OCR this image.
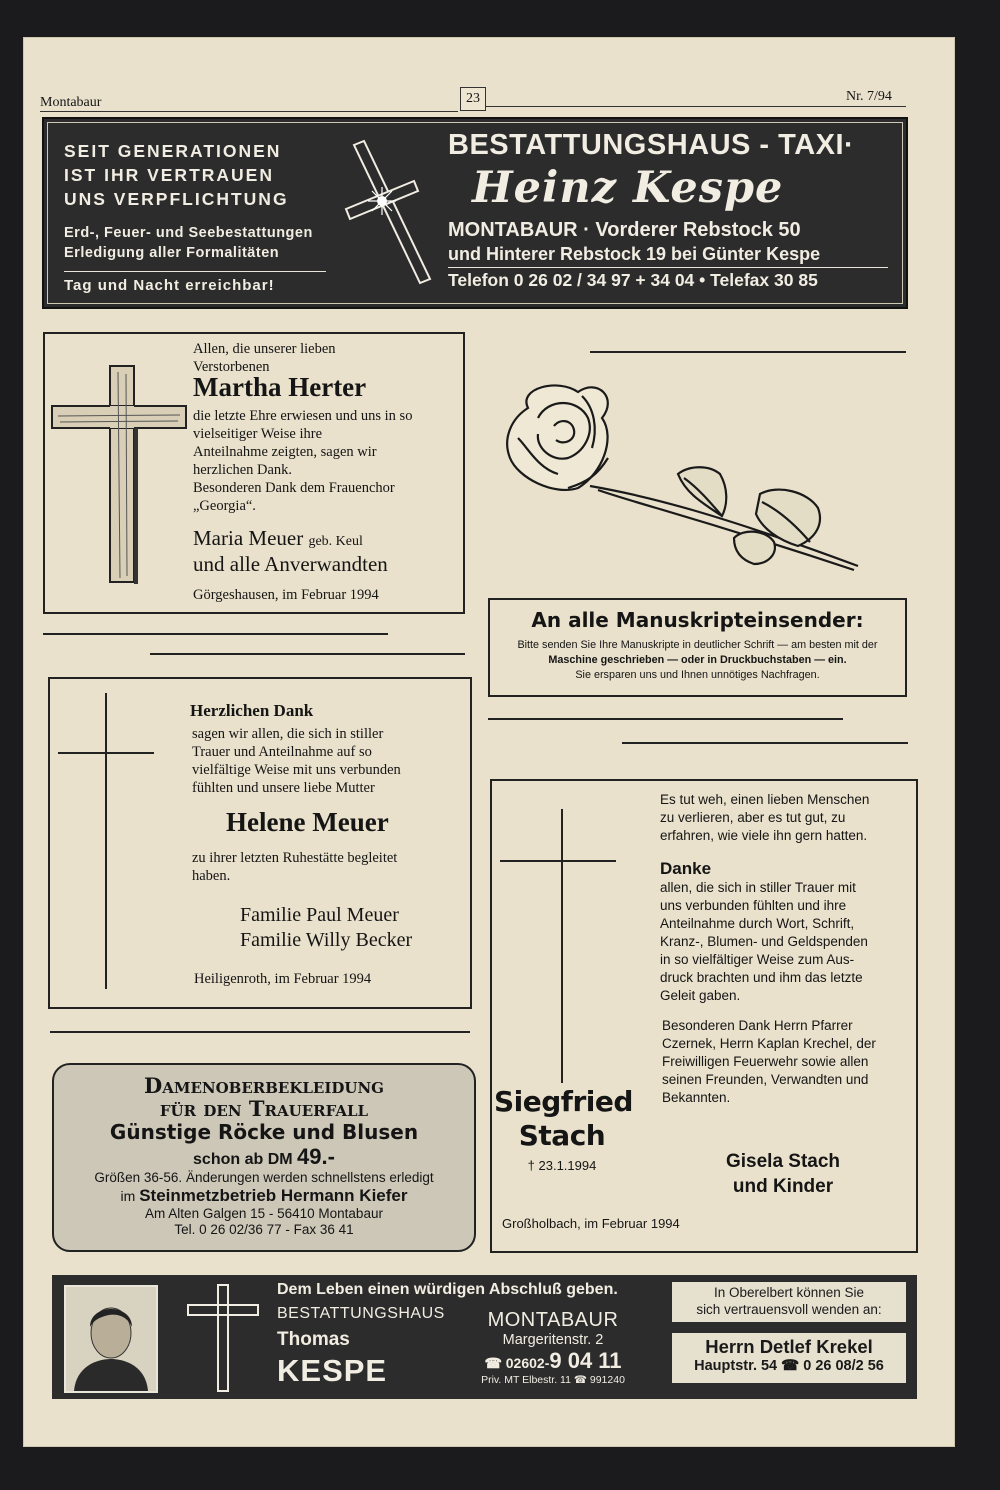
Montabaur	23	Nr. 7/94
SEIT GENERATIONEN
IST IHR VERTRAUEN
UNS VERPFLICHTUNG
Erd-, Feuer- und Seebestattungen
Erledigung aller Formalitäten
Tag und Nacht erreichbar!
BESTATTUNGSHAUS - TAXI·
Heinz Kespe
MONTABAUR · Vorderer Rebstock 50
und Hinterer Rebstock 19 bei Günter Kespe
Telefon 0 26 02 / 34 97 + 34 04 • Telefax 30 85
Allen, die unserer lieben
Verstorbenen
Martha Herter
die letzte Ehre erwiesen und uns in so
vielseitiger Weise ihre
Anteilnahme zeigten, sagen wir
herzlichen Dank.
Besonderen Dank dem Frauenchor
„Georgia“.
Maria Meuer geb. Keul
und alle Anverwandten
Görgeshausen, im Februar 1994
An alle Manuskripteinsender:
Bitte senden Sie Ihre Manuskripte in deutlicher Schrift — am besten mit der
Maschine geschrieben — oder in Druckbuchstaben — ein.
Sie ersparen uns und Ihnen unnötiges Nachfragen.
Herzlichen Dank
sagen wir allen, die sich in stiller
Trauer und Anteilnahme auf so
vielfältige Weise mit uns verbunden
fühlten und unsere liebe Mutter
Helene Meuer
zu ihrer letzten Ruhestätte begleitet
haben.
Familie Paul Meuer
Familie Willy Becker
Heiligenroth, im Februar 1994
Es tut weh, einen lieben Menschen
zu verlieren, aber es tut gut, zu
erfahren, wie viele ihn gern hatten.
Danke
allen, die sich in stiller Trauer mit
uns verbunden fühlten und ihre
Anteilnahme durch Wort, Schrift,
Kranz-, Blumen- und Geldspenden
in so vielfältiger Weise zum Aus-
druck brachten und ihm das letzte
Geleit gaben.
Besonderen Dank Herrn Pfarrer
Czernek, Herrn Kaplan Krechel, der
Freiwilligen Feuerwehr sowie allen
seinen Freunden, Verwandten und
Bekannten.
Siegfried
Stach
† 23.1.1994	Gisela Stach
und Kinder
Großholbach, im Februar 1994
Damenoberbekleidung
für den Trauerfall
Günstige Röcke und Blusen
schon ab DM 49.-
Größen 36-56. Änderungen werden schnellstens erledigt
im Steinmetzbetrieb Hermann Kiefer
Am Alten Galgen 15 - 56410 Montabaur
Tel. 0 26 02/36 77 - Fax 36 41
Dem Leben einen würdigen Abschluß geben.
BESTATTUNGSHAUS
Thomas
KESPE
MONTABAUR
Margeritenstr. 2
☎ 02602-9 04 11
Priv. MT Elbestr. 11 ☎ 991240
In Oberelbert können Sie
sich vertrauensvoll wenden an:
Herrn Detlef Krekel
Hauptstr. 54 ☎ 0 26 08/2 56
